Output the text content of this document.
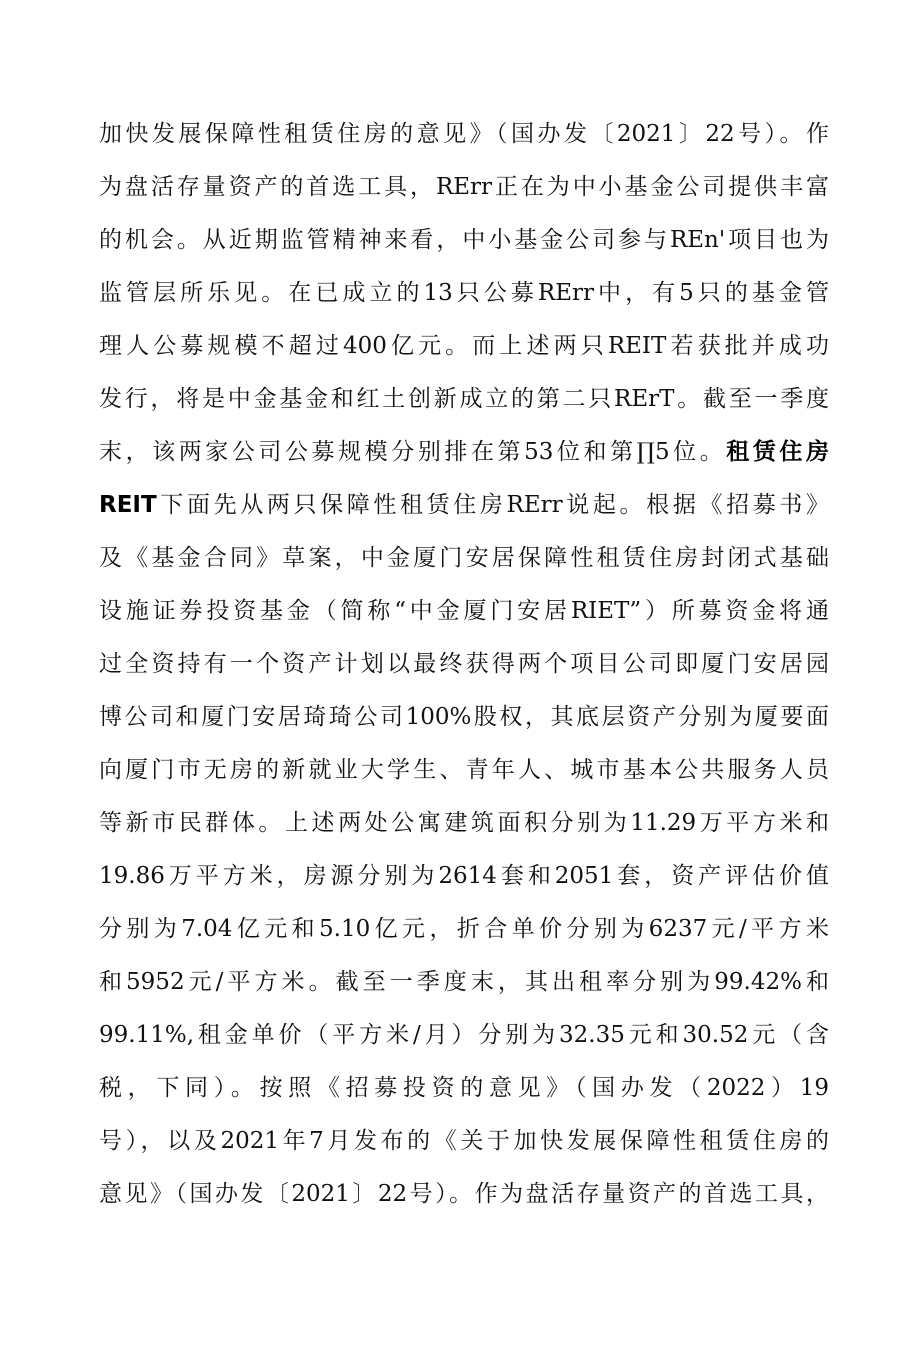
加快发展保障性租赁住房的意见》（国办发〔2021〕22号）。作
为盘活存量资产的首选工具，RErr正在为中小基金公司提供丰富
的机会。从近期监管精神来看，中小基金公司参与REn'项目也为
监管层所乐见。在已成立的13只公募RErr中，有5只的基金管
理人公募规模不超过400亿元。而上述两只REIT若获批并成功
发行，将是中金基金和红土创新成立的第二只RErT。截至一季度
末，该两家公司公募规模分别排在第53位和第∏5位。租赁住房
REIT下面先从两只保障性租赁住房RErr说起。根据《招募书》
及《基金合同》草案，中金厦门安居保障性租赁住房封闭式基础
设施证券投资基金（简称“中金厦门安居RIET”）所募资金将通
过全资持有一个资产计划以最终获得两个项目公司即厦门安居园
博公司和厦门安居琦琦公司100%股权，其底层资产分别为厦要面
向厦门市无房的新就业大学生、青年人、城市基本公共服务人员
等新市民群体。上述两处公寓建筑面积分别为11.29万平方米和
19.86万平方米，房源分别为2614套和2051套，资产评估价值
分别为7.04亿元和5.10亿元，折合单价分别为6237元/平方米
和5952元/平方米。截至一季度末，其出租率分别为99.42%和
99.11%,租金单价（平方米/月）分别为32.35元和30.52元（含
税，下同）。按照《招募投资的意见》（国办发（2022）19
号），以及2021年7月发布的《关于加快发展保障性租赁住房的
意见》（国办发〔2021〕22号）。作为盘活存量资产的首选工具，
